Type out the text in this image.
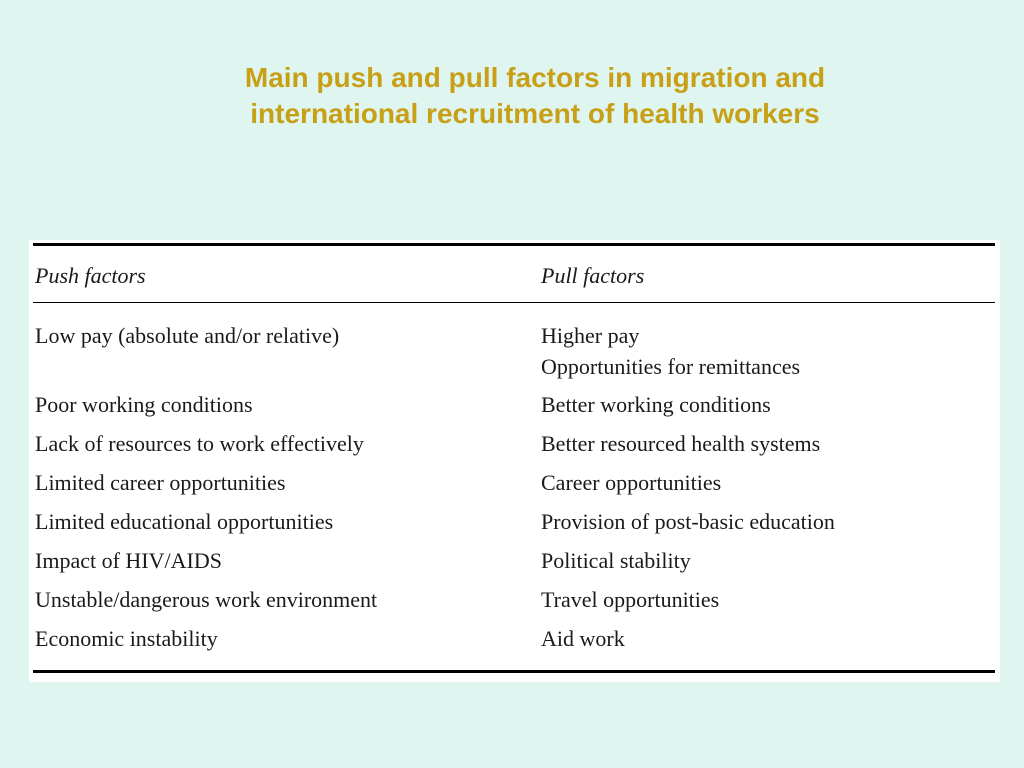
Main push and pull factors in migration and
international recruitment of health workers
Push factors	Pull factors
Low pay (absolute and/or relative)
Poor working conditions
Lack of resources to work effectively
Limited career opportunities
Limited educational opportunities
Impact of HIV/AIDS
Unstable/dangerous work environment
Economic instability
Higher pay
Opportunities for remittances
Better working conditions
Better resourced health systems
Career opportunities
Provision of post-basic education
Political stability
Travel opportunities
Aid work
